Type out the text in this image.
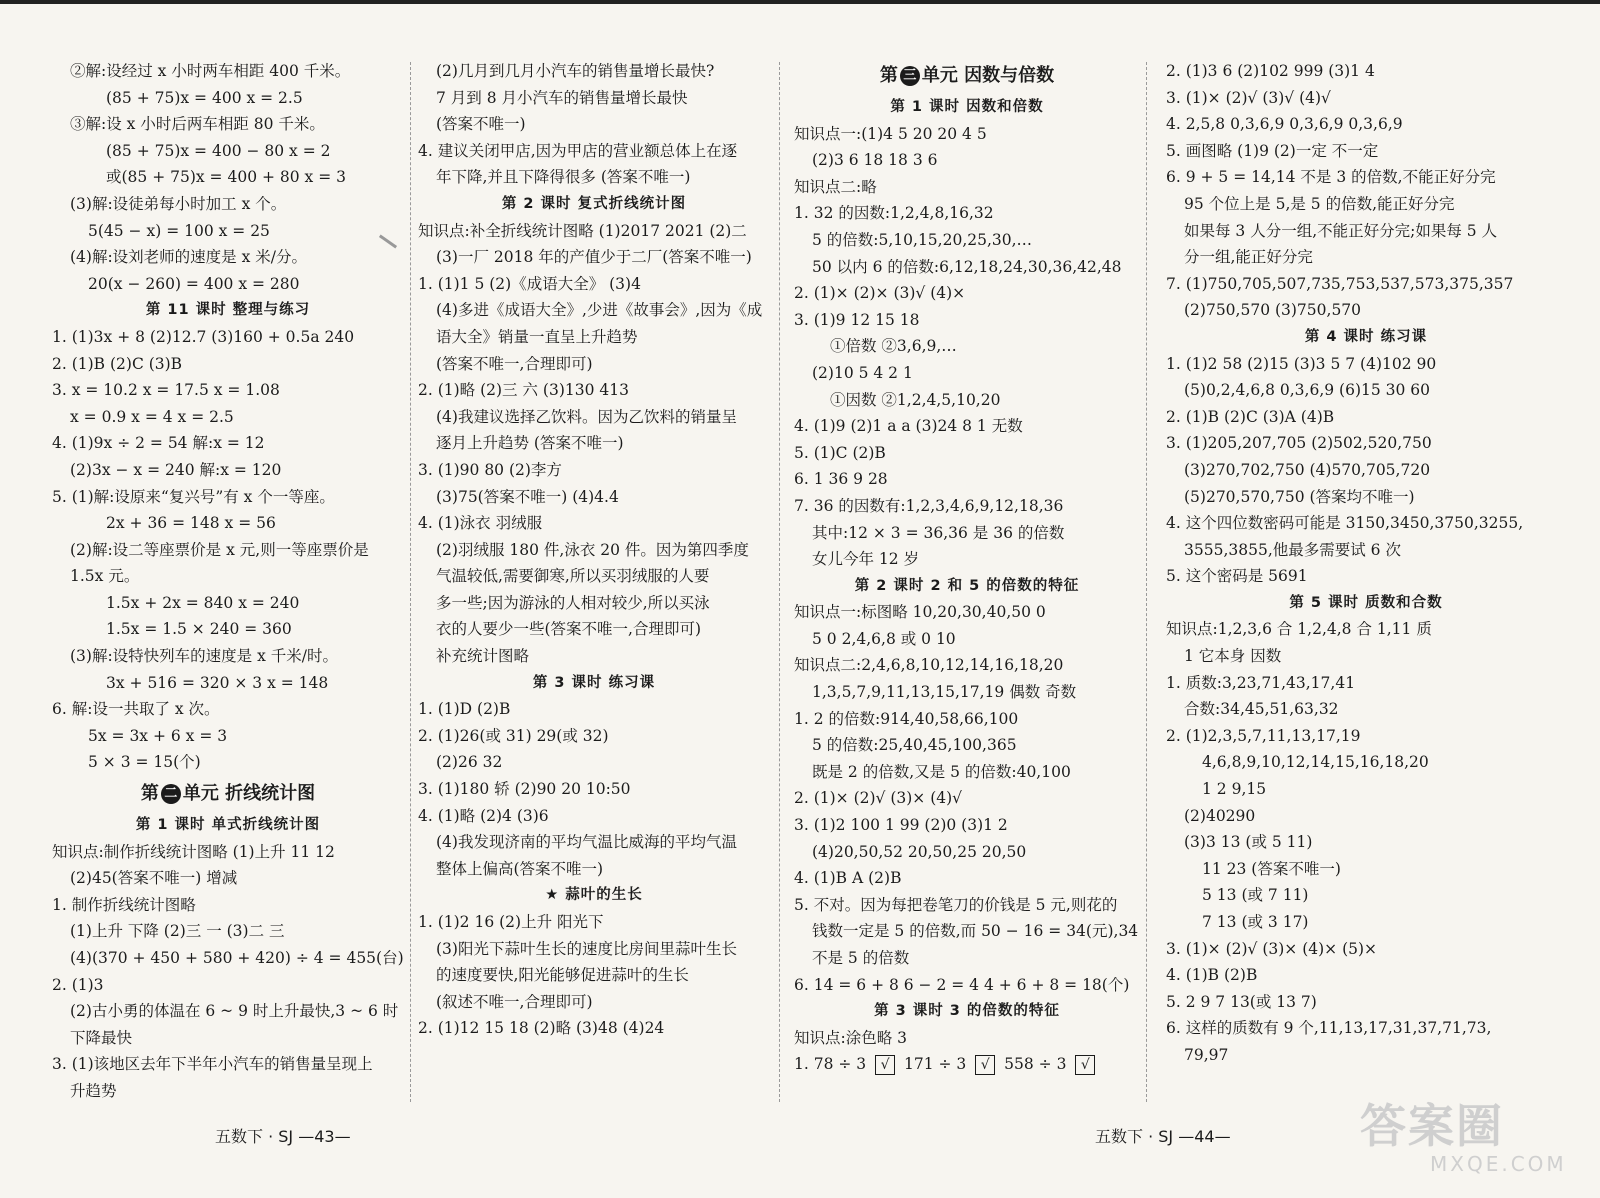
②解:设经过 x 小时两车相距 400 千米。
(85 + 75)x = 400 x = 2.5
③解:设 x 小时后两车相距 80 千米。
(85 + 75)x = 400 − 80 x = 2
或(85 + 75)x = 400 + 80 x = 3
(3)解:设徒弟每小时加工 x 个。
5(45 − x) = 100 x = 25
(4)解:设刘老师的速度是 x 米/分。
20(x − 260) = 400 x = 280
第 11 课时 整理与练习
1. (1)3x + 8 (2)12.7 (3)160 + 0.5a 240
2. (1)B (2)C (3)B
3. x = 10.2 x = 17.5 x = 1.08
x = 0.9 x = 4 x = 2.5
4. (1)9x ÷ 2 = 54 解:x = 12
(2)3x − x = 240 解:x = 120
5. (1)解:设原来“复兴号”有 x 个一等座。
2x + 36 = 148 x = 56
(2)解:设二等座票价是 x 元,则一等座票价是
1.5x 元。
1.5x + 2x = 840 x = 240
1.5x = 1.5 × 240 = 360
(3)解:设特快列车的速度是 x 千米/时。
3x + 516 = 320 × 3 x = 148
6. 解:设一共取了 x 次。
5x = 3x + 6 x = 3
5 × 3 = 15(个)
第 二 单元 折线统计图
第 1 课时 单式折线统计图
知识点:制作折线统计图略 (1)上升 11 12
(2)45(答案不唯一) 增减
1. 制作折线统计图略
(1)上升 下降 (2)三 一 (3)二 三
(4)(370 + 450 + 580 + 420) ÷ 4 = 455(台)
2. (1)3
(2)古小勇的体温在 6 ~ 9 时上升最快,3 ~ 6 时
下降最快
3. (1)该地区去年下半年小汽车的销售量呈现上
升趋势
(2)几月到几月小汽车的销售量增长最快?
7 月到 8 月小汽车的销售量增长最快
(答案不唯一)
4. 建议关闭甲店,因为甲店的营业额总体上在逐
年下降,并且下降得很多 (答案不唯一)
第 2 课时 复式折线统计图
知识点:补全折线统计图略 (1)2017 2021 (2)二
(3)一厂 2018 年的产值少于二厂(答案不唯一)
1. (1)1 5 (2)《成语大全》 (3)4
(4)多进《成语大全》,少进《故事会》,因为《成
语大全》销量一直呈上升趋势
(答案不唯一,合理即可)
2. (1)略 (2)三 六 (3)130 413
(4)我建议选择乙饮料。因为乙饮料的销量呈
逐月上升趋势 (答案不唯一)
3. (1)90 80 (2)李方
(3)75(答案不唯一) (4)4.4
4. (1)泳衣 羽绒服
(2)羽绒服 180 件,泳衣 20 件。因为第四季度
气温较低,需要御寒,所以买羽绒服的人要
多一些;因为游泳的人相对较少,所以买泳
衣的人要少一些(答案不唯一,合理即可)
补充统计图略
第 3 课时 练习课
1. (1)D (2)B
2. (1)26(或 31) 29(或 32)
(2)26 32
3. (1)180 轿 (2)90 20 10:50
4. (1)略 (2)4 (3)6
(4)我发现济南的平均气温比威海的平均气温
整体上偏高(答案不唯一)
★ 蒜叶的生长
1. (1)2 16 (2)上升 阳光下
(3)阳光下蒜叶生长的速度比房间里蒜叶生长
的速度要快,阳光能够促进蒜叶的生长
(叙述不唯一,合理即可)
2. (1)12 15 18 (2)略 (3)48 (4)24
第 三 单元 因数与倍数
第 1 课时 因数和倍数
知识点一:(1)4 5 20 20 4 5
(2)3 6 18 18 3 6
知识点二:略
1. 32 的因数:1,2,4,8,16,32
5 的倍数:5,10,15,20,25,30,…
50 以内 6 的倍数:6,12,18,24,30,36,42,48
2. (1)× (2)× (3)√ (4)×
3. (1)9 12 15 18
①倍数 ②3,6,9,…
(2)10 5 4 2 1
①因数 ②1,2,4,5,10,20
4. (1)9 (2)1 a a (3)24 8 1 无数
5. (1)C (2)B
6. 1 36 9 28
7. 36 的因数有:1,2,3,4,6,9,12,18,36
其中:12 × 3 = 36,36 是 36 的倍数
女儿今年 12 岁
第 2 课时 2 和 5 的倍数的特征
知识点一:标图略 10,20,30,40,50 0
5 0 2,4,6,8 或 0 10
知识点二:2,4,6,8,10,12,14,16,18,20
1,3,5,7,9,11,13,15,17,19 偶数 奇数
1. 2 的倍数:914,40,58,66,100
5 的倍数:25,40,45,100,365
既是 2 的倍数,又是 5 的倍数:40,100
2. (1)× (2)√ (3)× (4)√
3. (1)2 100 1 99 (2)0 (3)1 2
(4)20,50,52 20,50,25 20,50
4. (1)B A (2)B
5. 不对。因为每把卷笔刀的价钱是 5 元,则花的
钱数一定是 5 的倍数,而 50 − 16 = 34(元),34
不是 5 的倍数
6. 14 = 6 + 8 6 − 2 = 4 4 + 6 + 8 = 18(个)
第 3 课时 3 的倍数的特征
知识点:涂色略 3
1. 78 ÷ 3 √ 171 ÷ 3 √ 558 ÷ 3 √
2. (1)3 6 (2)102 999 (3)1 4
3. (1)× (2)√ (3)√ (4)√
4. 2,5,8 0,3,6,9 0,3,6,9 0,3,6,9
5. 画图略 (1)9 (2)一定 不一定
6. 9 + 5 = 14,14 不是 3 的倍数,不能正好分完
95 个位上是 5,是 5 的倍数,能正好分完
如果每 3 人分一组,不能正好分完;如果每 5 人
分一组,能正好分完
7. (1)750,705,507,735,753,537,573,375,357
(2)750,570 (3)750,570
第 4 课时 练习课
1. (1)2 58 (2)15 (3)3 5 7 (4)102 90
(5)0,2,4,6,8 0,3,6,9 (6)15 30 60
2. (1)B (2)C (3)A (4)B
3. (1)205,207,705 (2)502,520,750
(3)270,702,750 (4)570,705,720
(5)270,570,750 (答案均不唯一)
4. 这个四位数密码可能是 3150,3450,3750,3255,
3555,3855,他最多需要试 6 次
5. 这个密码是 5691
第 5 课时 质数和合数
知识点:1,2,3,6 合 1,2,4,8 合 1,11 质
1 它本身 因数
1. 质数:3,23,71,43,17,41
合数:34,45,51,63,32
2. (1)2,3,5,7,11,13,17,19
4,6,8,9,10,12,14,15,16,18,20
1 2 9,15
(2)40290
(3)3 13 (或 5 11)
11 23 (答案不唯一)
5 13 (或 7 11)
7 13 (或 3 17)
3. (1)× (2)√ (3)× (4)× (5)×
4. (1)B (2)B
5. 2 9 7 13(或 13 7)
6. 这样的质数有 9 个,11,13,17,31,37,71,73,
79,97
五数下 · SJ —43—	五数下 · SJ —44—	答案圈
MXQE.COM
